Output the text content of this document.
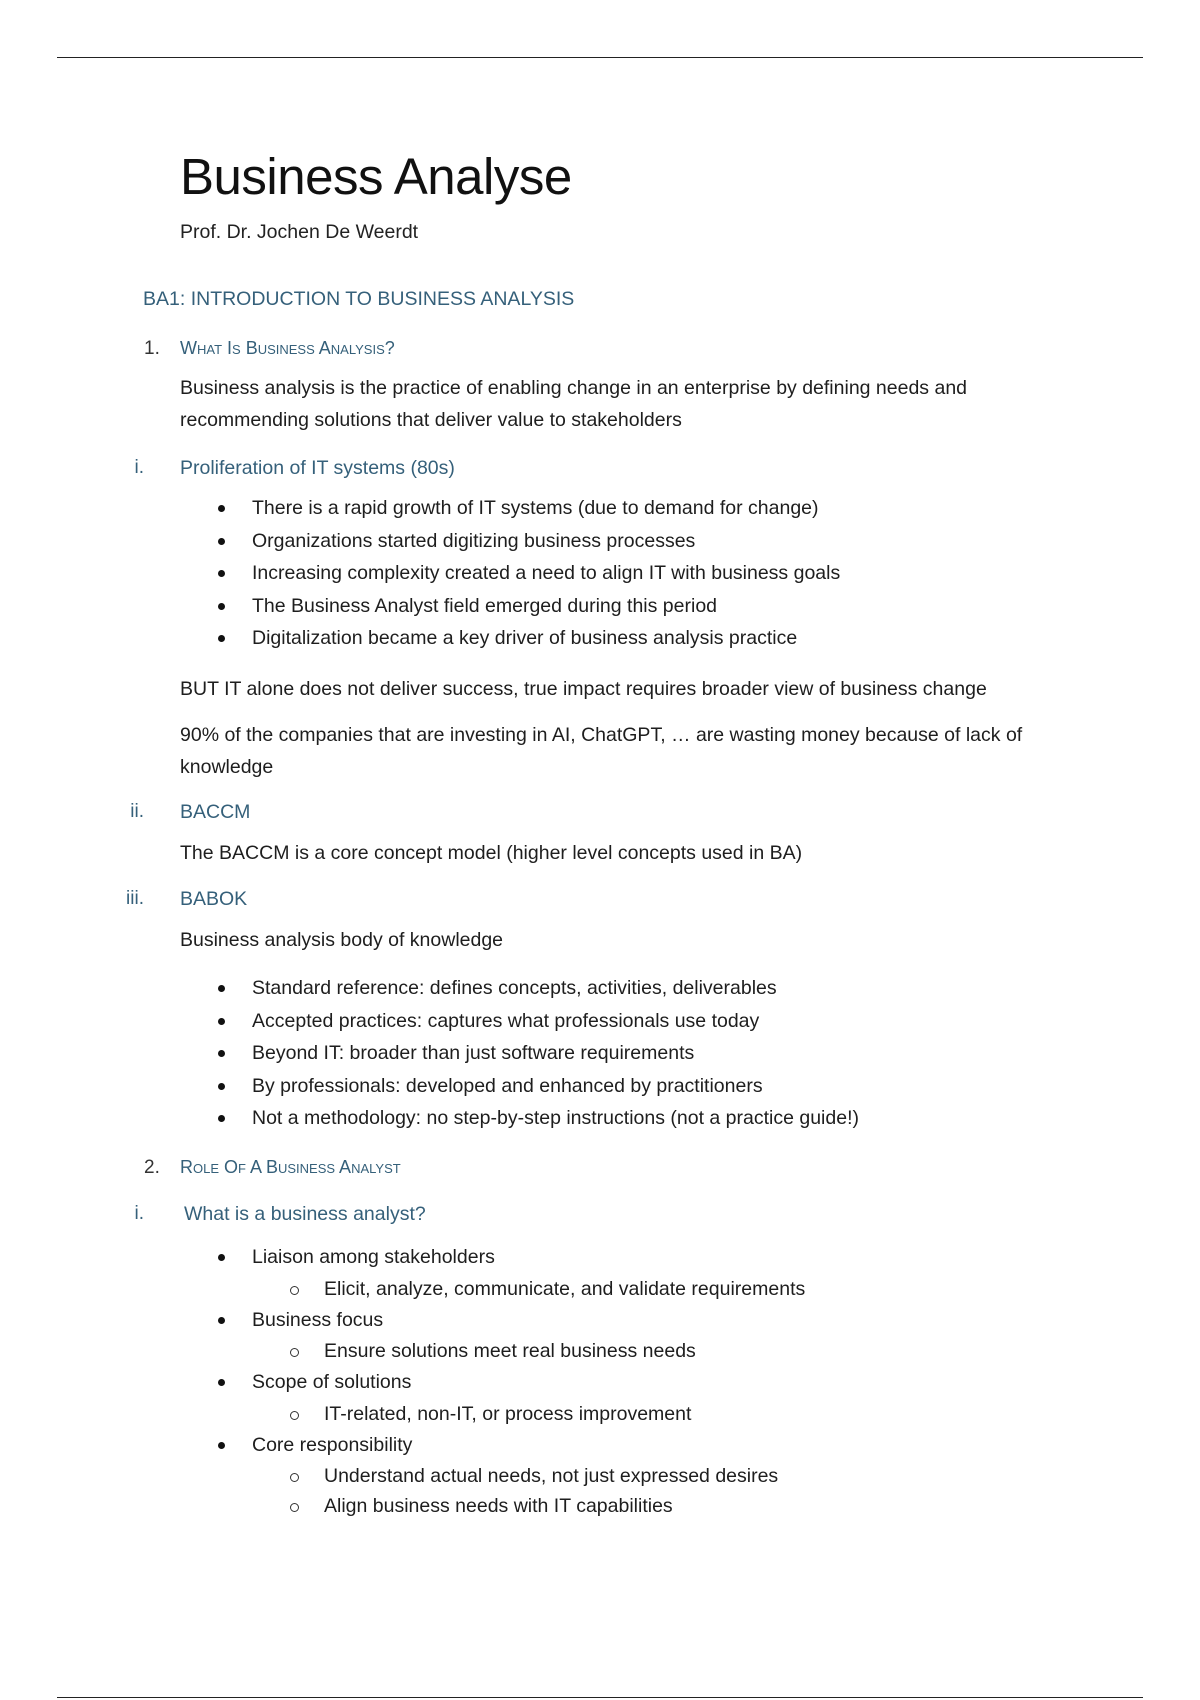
Business Analyse
Prof. Dr. Jochen De Weerdt
BA1: INTRODUCTION TO BUSINESS ANALYSIS
1. What Is Business Analysis?
Business analysis is the practice of enabling change in an enterprise by defining needs and recommending solutions that deliver value to stakeholders
i. Proliferation of IT systems (80s)
There is a rapid growth of IT systems (due to demand for change)
Organizations started digitizing business processes
Increasing complexity created a need to align IT with business goals
The Business Analyst field emerged during this period
Digitalization became a key driver of business analysis practice
BUT IT alone does not deliver success, true impact requires broader view of business change
90% of the companies that are investing in AI, ChatGPT, … are wasting money because of lack of knowledge
ii. BACCM
The BACCM is a core concept model (higher level concepts used in BA)
iii. BABOK
Business analysis body of knowledge
Standard reference: defines concepts, activities, deliverables
Accepted practices: captures what professionals use today
Beyond IT: broader than just software requirements
By professionals: developed and enhanced by practitioners
Not a methodology: no step-by-step instructions (not a practice guide!)
2. Role Of A Business Analyst
i. What is a business analyst?
Liaison among stakeholders
Elicit, analyze, communicate, and validate requirements
Business focus
Ensure solutions meet real business needs
Scope of solutions
IT-related, non-IT, or process improvement
Core responsibility
Understand actual needs, not just expressed desires
Align business needs with IT capabilities
